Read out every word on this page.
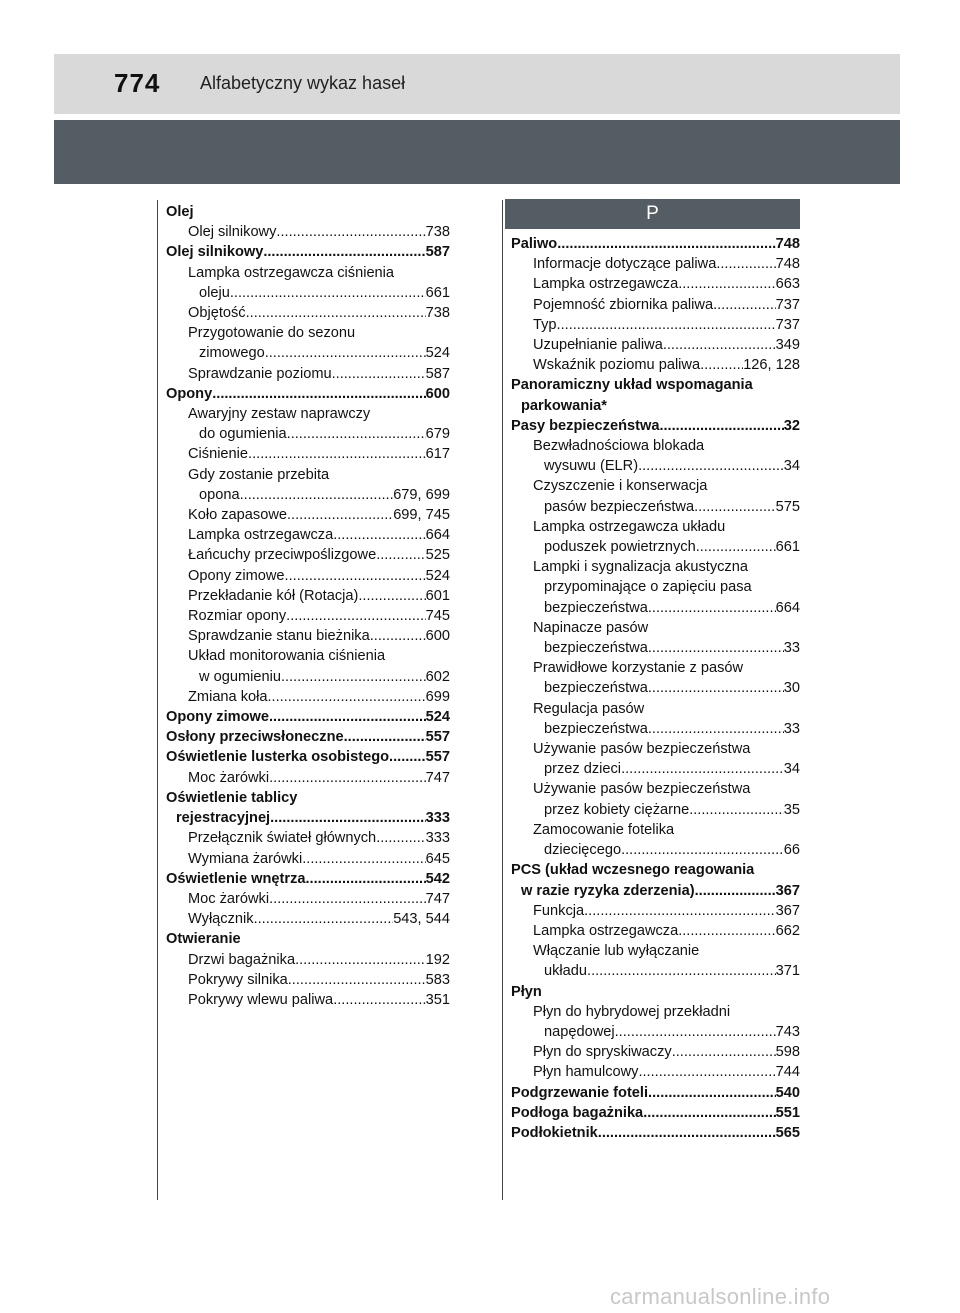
774 Alfabetyczny wykaz haseł
Olej
Olej silnikowy .....	738
Olej silnikowy .....	587
Lampka ostrzegawcza ciśnienia
oleju .....	661
Objętość .....	738
Przygotowanie do sezonu
zimowego .....	524
Sprawdzanie poziomu .....	587
Opony .....	600
Awaryjny zestaw naprawczy
do ogumienia .....	679
Ciśnienie .....	617
Gdy zostanie przebita
opona .....	679, 699
Koło zapasowe .....	699, 745
Lampka ostrzegawcza .....	664
Łańcuchy przeciwpoślizgowe .....	525
Opony zimowe .....	524
Przekładanie kół (Rotacja) .....	601
Rozmiar opony .....	745
Sprawdzanie stanu bieżnika .....	600
Układ monitorowania ciśnienia
w ogumieniu .....	602
Zmiana koła .....	699
Opony zimowe .....	524
Osłony przeciwsłoneczne .....	557
Oświetlenie lusterka osobistego .....	557
Moc żarówki .....	747
Oświetlenie tablicy
rejestracyjnej .....	333
Przełącznik świateł głównych .....	333
Wymiana żarówki .....	645
Oświetlenie wnętrza .....	542
Moc żarówki .....	747
Wyłącznik .....	543, 544
Otwieranie
Drzwi bagażnika .....	192
Pokrywy silnika .....	583
Pokrywy wlewu paliwa .....	351
P
Paliwo .....	748
Informacje dotyczące paliwa .....	748
Lampka ostrzegawcza .....	663
Pojemność zbiornika paliwa .....	737
Typ .....	737
Uzupełnianie paliwa .....	349
Wskaźnik poziomu paliwa .....	126, 128
Panoramiczny układ wspomagania
parkowania*
Pasy bezpieczeństwa .....	32
Bezwładnościowa blokada
wysuwu (ELR) .....	34
Czyszczenie i konserwacja
pasów bezpieczeństwa .....	575
Lampka ostrzegawcza układu
poduszek powietrznych .....	661
Lampki i sygnalizacja akustyczna
przypominające o zapięciu pasa
bezpieczeństwa .....	664
Napinacze pasów
bezpieczeństwa .....	33
Prawidłowe korzystanie z pasów
bezpieczeństwa .....	30
Regulacja pasów
bezpieczeństwa .....	33
Używanie pasów bezpieczeństwa
przez dzieci .....	34
Używanie pasów bezpieczeństwa
przez kobiety ciężarne .....	35
Zamocowanie fotelika
dziecięcego .....	66
PCS (układ wczesnego reagowania
w razie ryzyka zderzenia) .....	367
Funkcja .....	367
Lampka ostrzegawcza .....	662
Włączanie lub wyłączanie
układu .....	371
Płyn
Płyn do hybrydowej przekładni
napędowej .....	743
Płyn do spryskiwaczy .....	598
Płyn hamulcowy .....	744
Podgrzewanie foteli .....	540
Podłoga bagażnika .....	551
Podłokietnik .....	565
carmanualsonline.info
